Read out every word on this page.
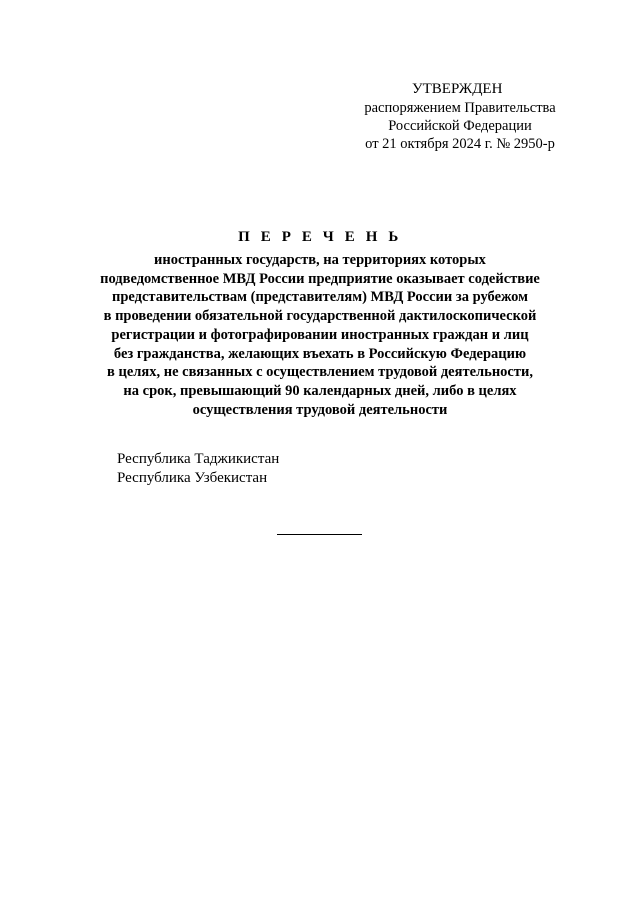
УТВЕРЖДЕН
распоряжением Правительства
Российской Федерации
от 21 октября 2024 г. № 2950-р
П Е Р Е Ч Е Н Ь
иностранных государств, на территориях которых
подведомственное МВД России предприятие оказывает содействие
представительствам (представителям) МВД России за рубежом
в проведении обязательной государственной дактилоскопической
регистрации и фотографировании иностранных граждан и лиц
без гражданства, желающих въехать в Российскую Федерацию
в целях, не связанных с осуществлением трудовой деятельности,
на срок, превышающий 90 календарных дней, либо в целях
осуществления трудовой деятельности
Республика Таджикистан
Республика Узбекистан
